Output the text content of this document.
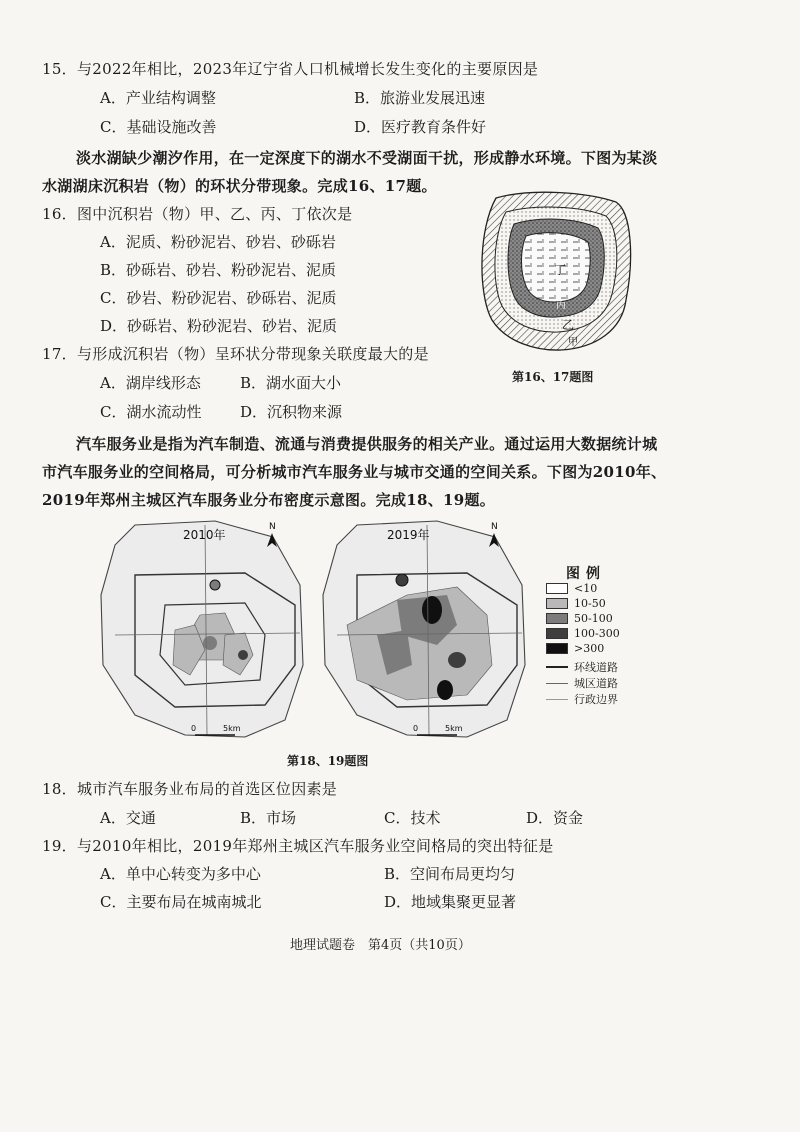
15．与2022年相比，2023年辽宁省人口机械增长发生变化的主要原因是
A．产业结构调整	B．旅游业发展迅速
C．基础设施改善	D．医疗教育条件好
淡水湖缺少潮汐作用，在一定深度下的湖水不受湖面干扰，形成静水环境。下图为某淡
水湖湖床沉积岩（物）的环状分带现象。完成16、17题。
16．图中沉积岩（物）甲、乙、丙、丁依次是
A．泥质、粉砂泥岩、砂岩、砂砾岩
B．砂砾岩、砂岩、粉砂泥岩、泥质
C．砂岩、粉砂泥岩、砂砾岩、泥质
D．砂砾岩、粉砂泥岩、砂岩、泥质
丁
丙
乙
甲
第16、17题图
17．与形成沉积岩（物）呈环状分带现象关联度最大的是
A．湖岸线形态	B．湖水面大小
C．湖水流动性	D．沉积物来源
汽车服务业是指为汽车制造、流通与消费提供服务的相关产业。通过运用大数据统计城
市汽车服务业的空间格局，可分析城市汽车服务业与城市交通的空间关系。下图为2010年、
2019年郑州主城区汽车服务业分布密度示意图。完成18、19题。
2010年
N
0	5km
2019年
N
0	5km
图例
<10
10-50
50-100
100-300
>300
环线道路
城区道路
行政边界
第18、19题图
18．城市汽车服务业布局的首选区位因素是
A．交通	B．市场	C．技术	D．资金
19．与2010年相比，2019年郑州主城区汽车服务业空间格局的突出特征是
A．单中心转变为多中心	B．空间布局更均匀
C．主要布局在城南城北	D．地域集聚更显著
地理试题卷　第4页（共10页）
